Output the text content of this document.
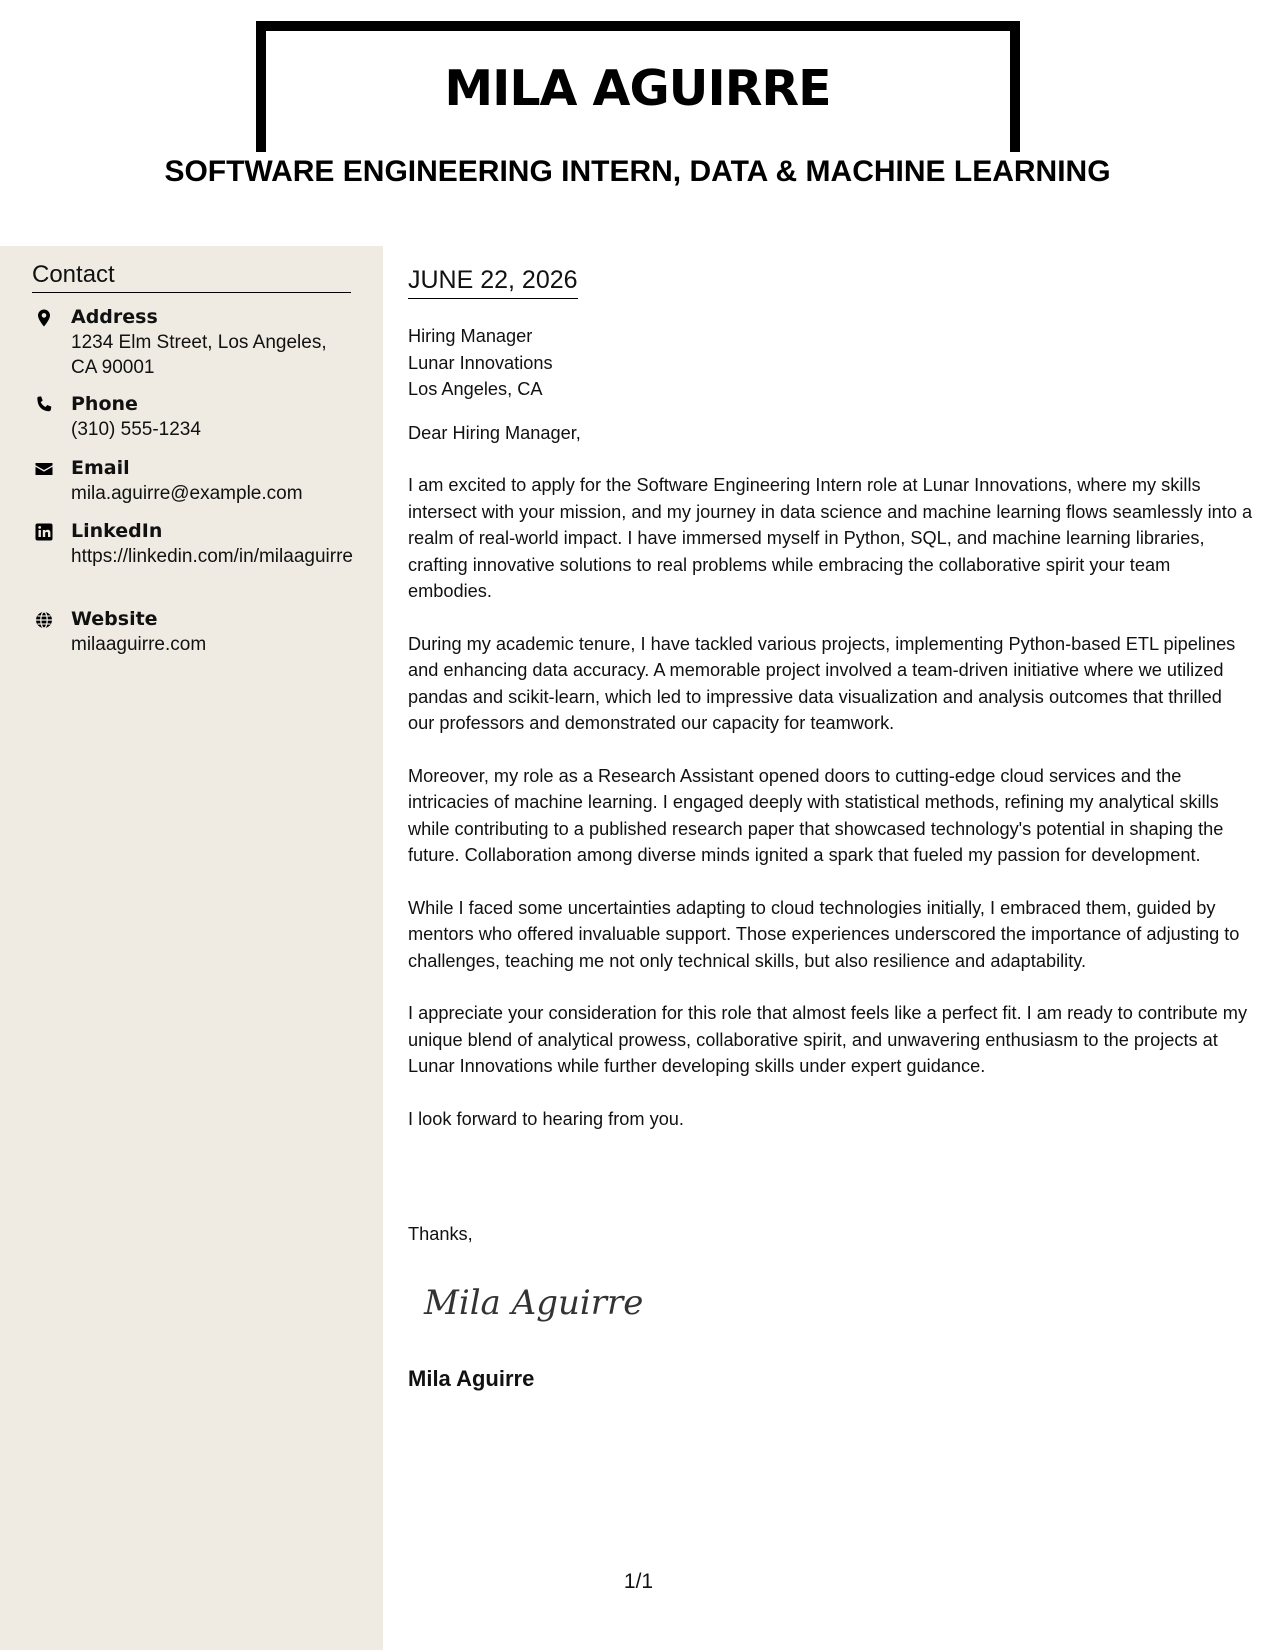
MILA AGUIRRE
SOFTWARE ENGINEERING INTERN, DATA & MACHINE LEARNING
Contact
Address
1234 Elm Street, Los Angeles, CA 90001
Phone
(310) 555-1234
Email
mila.aguirre@example.com
LinkedIn
https://linkedin.com/in/milaaguirre
Website
milaaguirre.com
JUNE 22, 2026

Hiring Manager

Lunar Innovations

Los Angeles, CA

Dear Hiring Manager,

I am excited to apply for the Software Engineering Intern role at Lunar Innovations, where my skills intersect with your mission, and my journey in data science and machine learning flows seamlessly into a realm of real-world impact. I have immersed myself in Python, SQL, and machine learning libraries, crafting innovative solutions to real problems while embracing the collaborative spirit your team embodies.

During my academic tenure, I have tackled various projects, implementing Python-based ETL pipelines and enhancing data accuracy. A memorable project involved a team-driven initiative where we utilized pandas and scikit-learn, which led to impressive data visualization and analysis outcomes that thrilled our professors and demonstrated our capacity for teamwork.

Moreover, my role as a Research Assistant opened doors to cutting-edge cloud services and the intricacies of machine learning. I engaged deeply with statistical methods, refining my analytical skills while contributing to a published research paper that showcased technology's potential in shaping the future. Collaboration among diverse minds ignited a spark that fueled my passion for development.

While I faced some uncertainties adapting to cloud technologies initially, I embraced them, guided by mentors who offered invaluable support. Those experiences underscored the importance of adjusting to challenges, teaching me not only technical skills, but also resilience and adaptability.

I appreciate your consideration for this role that almost feels like a perfect fit. I am ready to contribute my unique blend of analytical prowess, collaborative spirit, and unwavering enthusiasm to the projects at Lunar Innovations while further developing skills under expert guidance.

I look forward to hearing from you.

Thanks,
Mila Aguirre
Mila Aguirre
1/1
